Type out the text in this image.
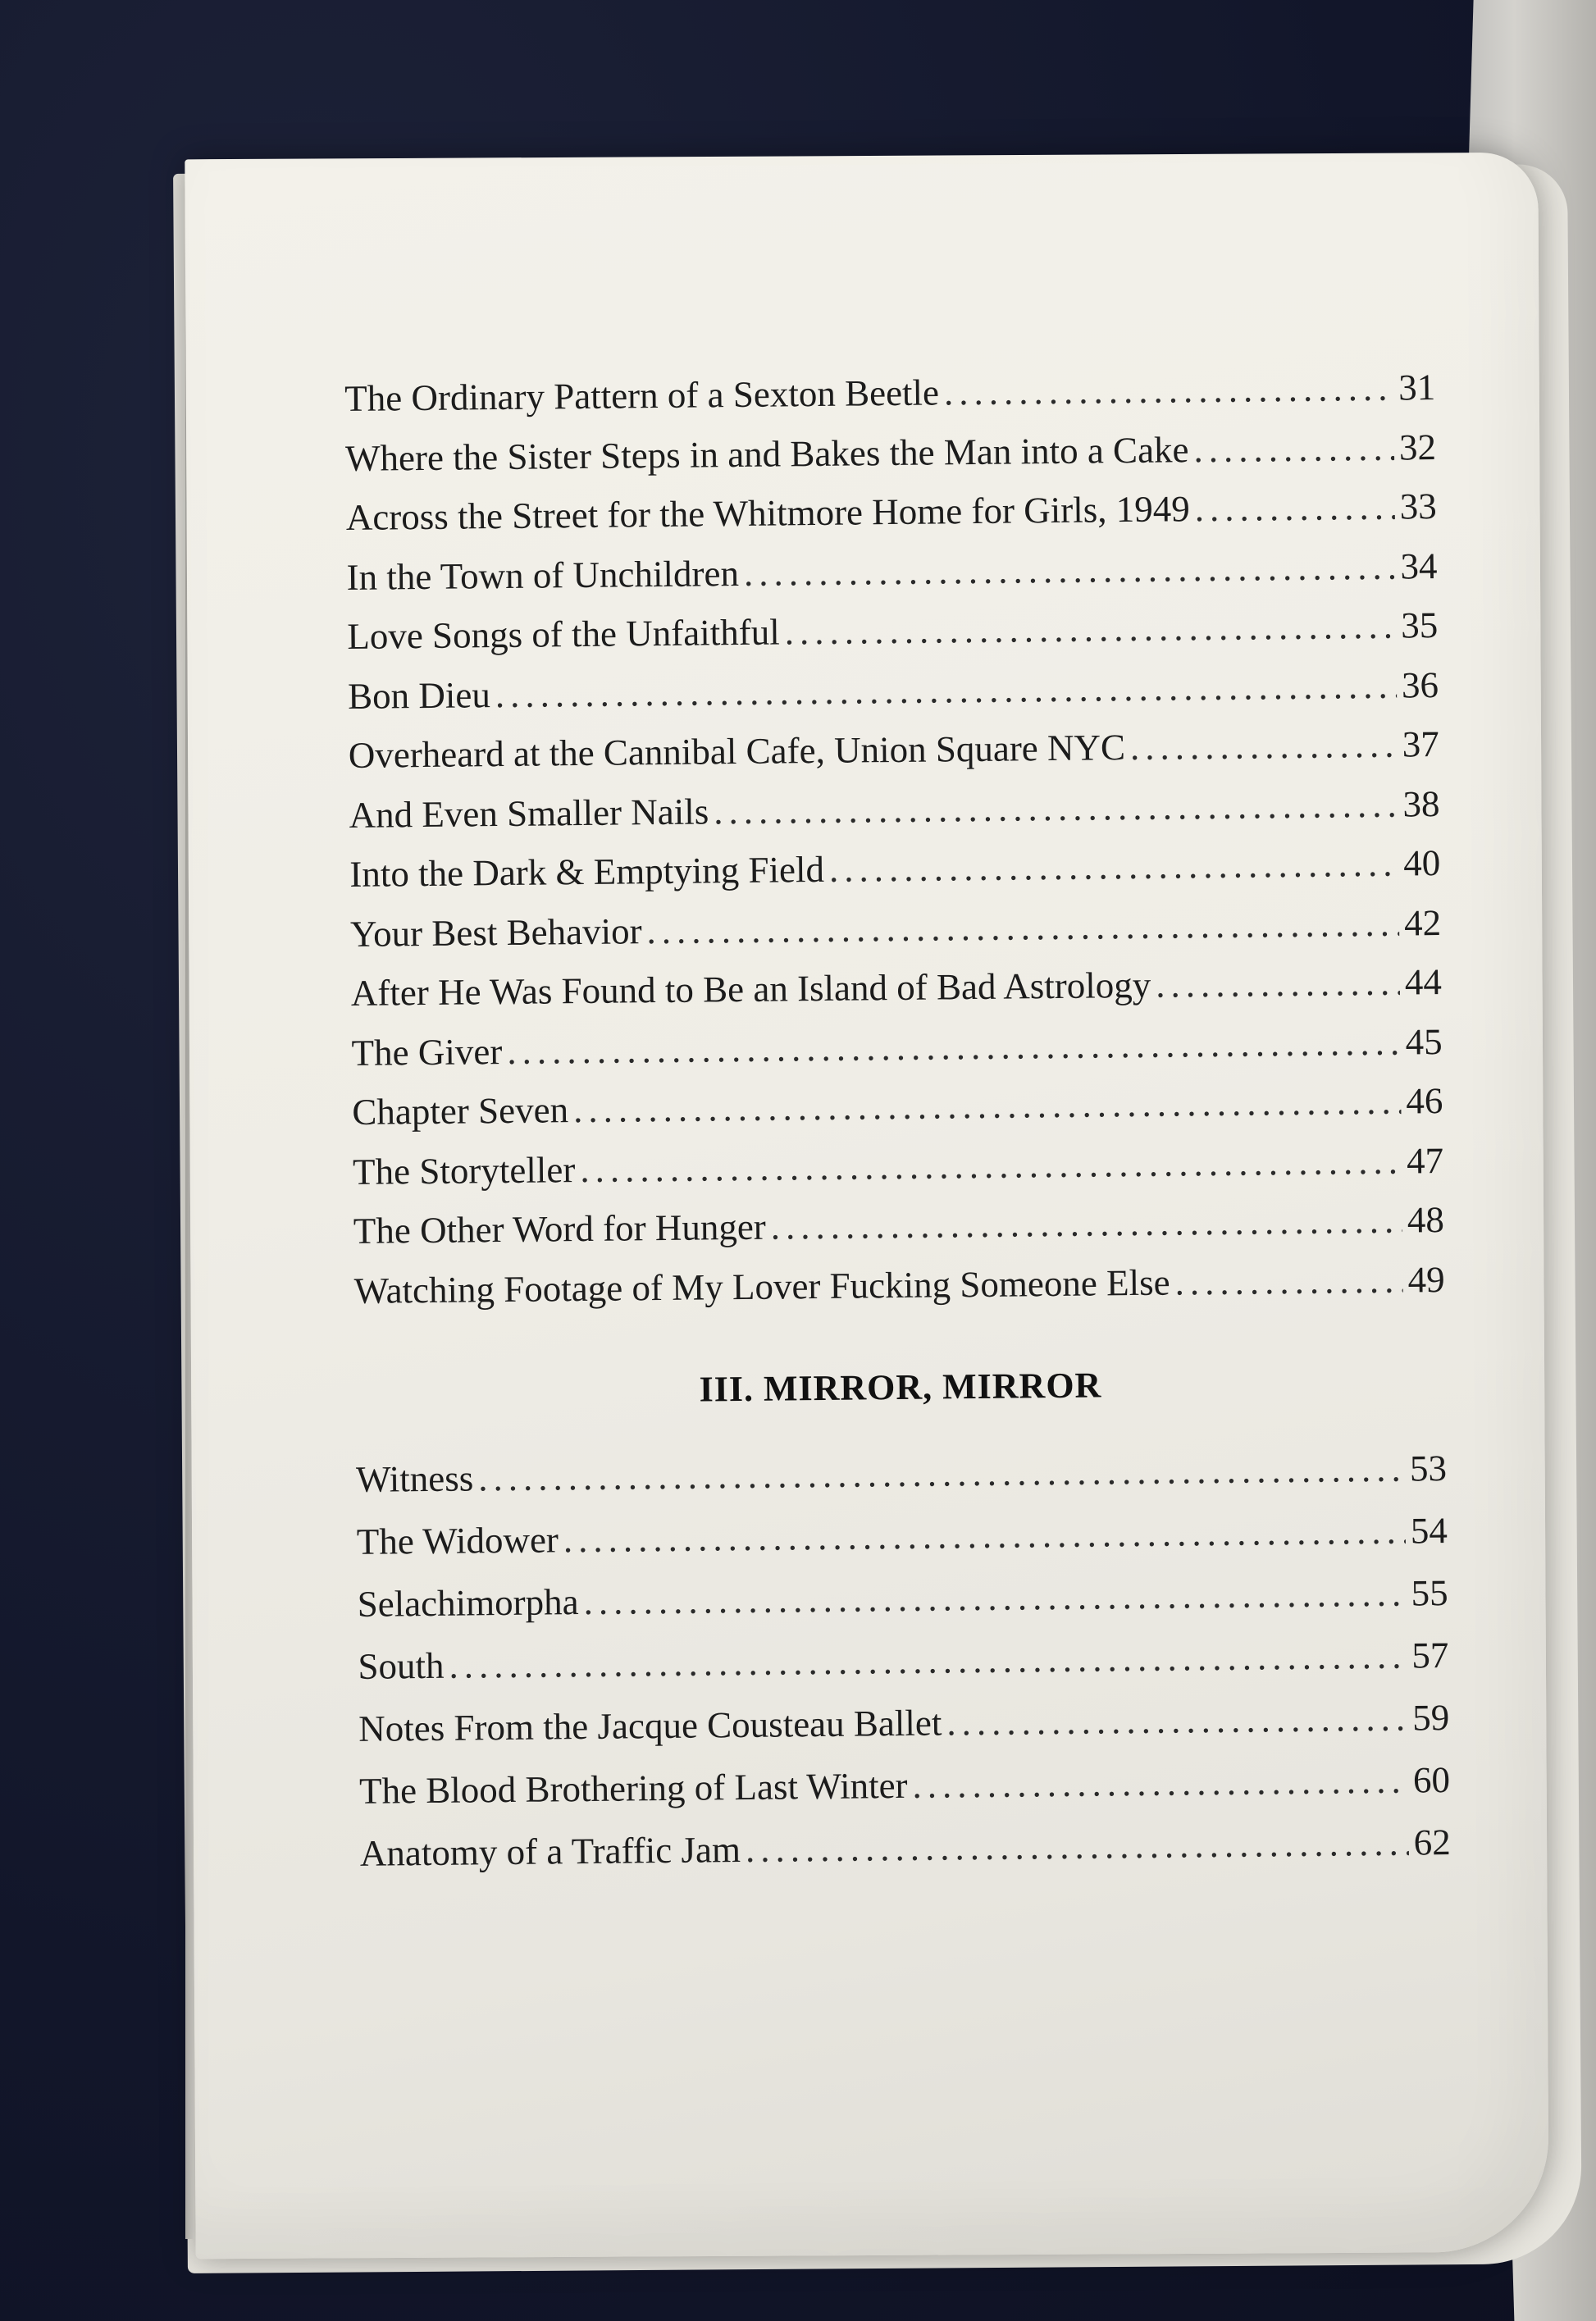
The Ordinary Pattern of a Sexton Beetle .....	31
Where the Sister Steps in and Bakes the Man into a Cake .....	32
Across the Street for the Whitmore Home for Girls, 1949 .....	33
In the Town of Unchildren .....	34
Love Songs of the Unfaithful .....	35
Bon Dieu .....	36
Overheard at the Cannibal Cafe, Union Square NYC .....	37
And Even Smaller Nails .....	38
Into the Dark & Emptying Field .....	40
Your Best Behavior .....	42
After He Was Found to Be an Island of Bad Astrology .....	44
The Giver .....	45
Chapter Seven .....	46
The Storyteller .....	47
The Other Word for Hunger .....	48
Watching Footage of My Lover Fucking Someone Else .....	49
III. MIRROR, MIRROR
Witness .....	53
The Widower .....	54
Selachimorpha .....	55
South .....	57
Notes From the Jacque Cousteau Ballet .....	59
The Blood Brothering of Last Winter .....	60
Anatomy of a Traffic Jam .....	62
